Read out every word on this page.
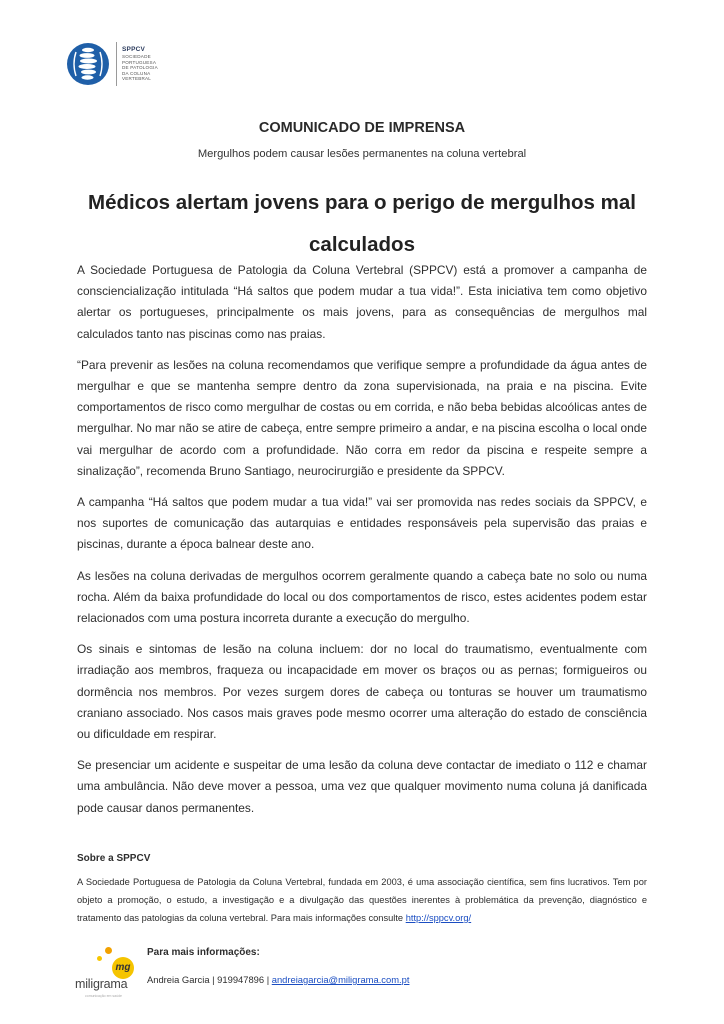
SPPCV
SOCIEDADE
PORTUGUESA
DE PATOLOGIA
DA COLUNA
VERTEBRAL
COMUNICADO DE IMPRENSA
Mergulhos podem causar lesões permanentes na coluna vertebral
Médicos alertam jovens para o perigo de mergulhos mal calculados

A Sociedade Portuguesa de Patologia da Coluna Vertebral (SPPCV) está a promover a campanha de consciencialização intitulada “Há saltos que podem mudar a tua vida!”. Esta iniciativa tem como objetivo alertar os portugueses, principalmente os mais jovens, para as consequências de mergulhos mal calculados tanto nas piscinas como nas praias.

“Para prevenir as lesões na coluna recomendamos que verifique sempre a profundidade da água antes de mergulhar e que se mantenha sempre dentro da zona supervisionada, na praia e na piscina. Evite comportamentos de risco como mergulhar de costas ou em corrida, e não beba bebidas alcoólicas antes de mergulhar. No mar não se atire de cabeça, entre sempre primeiro a andar, e na piscina escolha o local onde vai mergulhar de acordo com a profundidade. Não corra em redor da piscina e respeite sempre a sinalização”, recomenda Bruno Santiago, neurocirurgião e presidente da SPPCV.

A campanha “Há saltos que podem mudar a tua vida!” vai ser promovida nas redes sociais da SPPCV, e nos suportes de comunicação das autarquias e entidades responsáveis pela supervisão das praias e piscinas, durante a época balnear deste ano.

As lesões na coluna derivadas de mergulhos ocorrem geralmente quando a cabeça bate no solo ou numa rocha. Além da baixa profundidade do local ou dos comportamentos de risco, estes acidentes podem estar relacionados com uma postura incorreta durante a execução do mergulho.

Os sinais e sintomas de lesão na coluna incluem: dor no local do traumatismo, eventualmente com irradiação aos membros, fraqueza ou incapacidade em mover os braços ou as pernas; formigueiros ou dormência nos membros. Por vezes surgem dores de cabeça ou tonturas se houver um traumatismo craniano associado. Nos casos mais graves pode mesmo ocorrer uma alteração do estado de consciência ou dificuldade em respirar.

Se presenciar um acidente e suspeitar de uma lesão da coluna deve contactar de imediato o 112 e chamar uma ambulância. Não deve mover a pessoa, uma vez que qualquer movimento numa coluna já danificada pode causar danos permanentes.

Sobre a SPPCV

A Sociedade Portuguesa de Patologia da Coluna Vertebral, fundada em 2003, é uma associação científica, sem fins lucrativos. Tem por objeto a promoção, o estudo, a investigação e a divulgação das questões inerentes à problemática da prevenção, diagnóstico e tratamento das patologias da coluna vertebral. Para mais informações consulte http://sppcv.org/

mg
miligrama
comunicação em saúde
Para mais informações:
Andreia Garcia | 919947896 | andreiagarcia@miligrama.com.pt
